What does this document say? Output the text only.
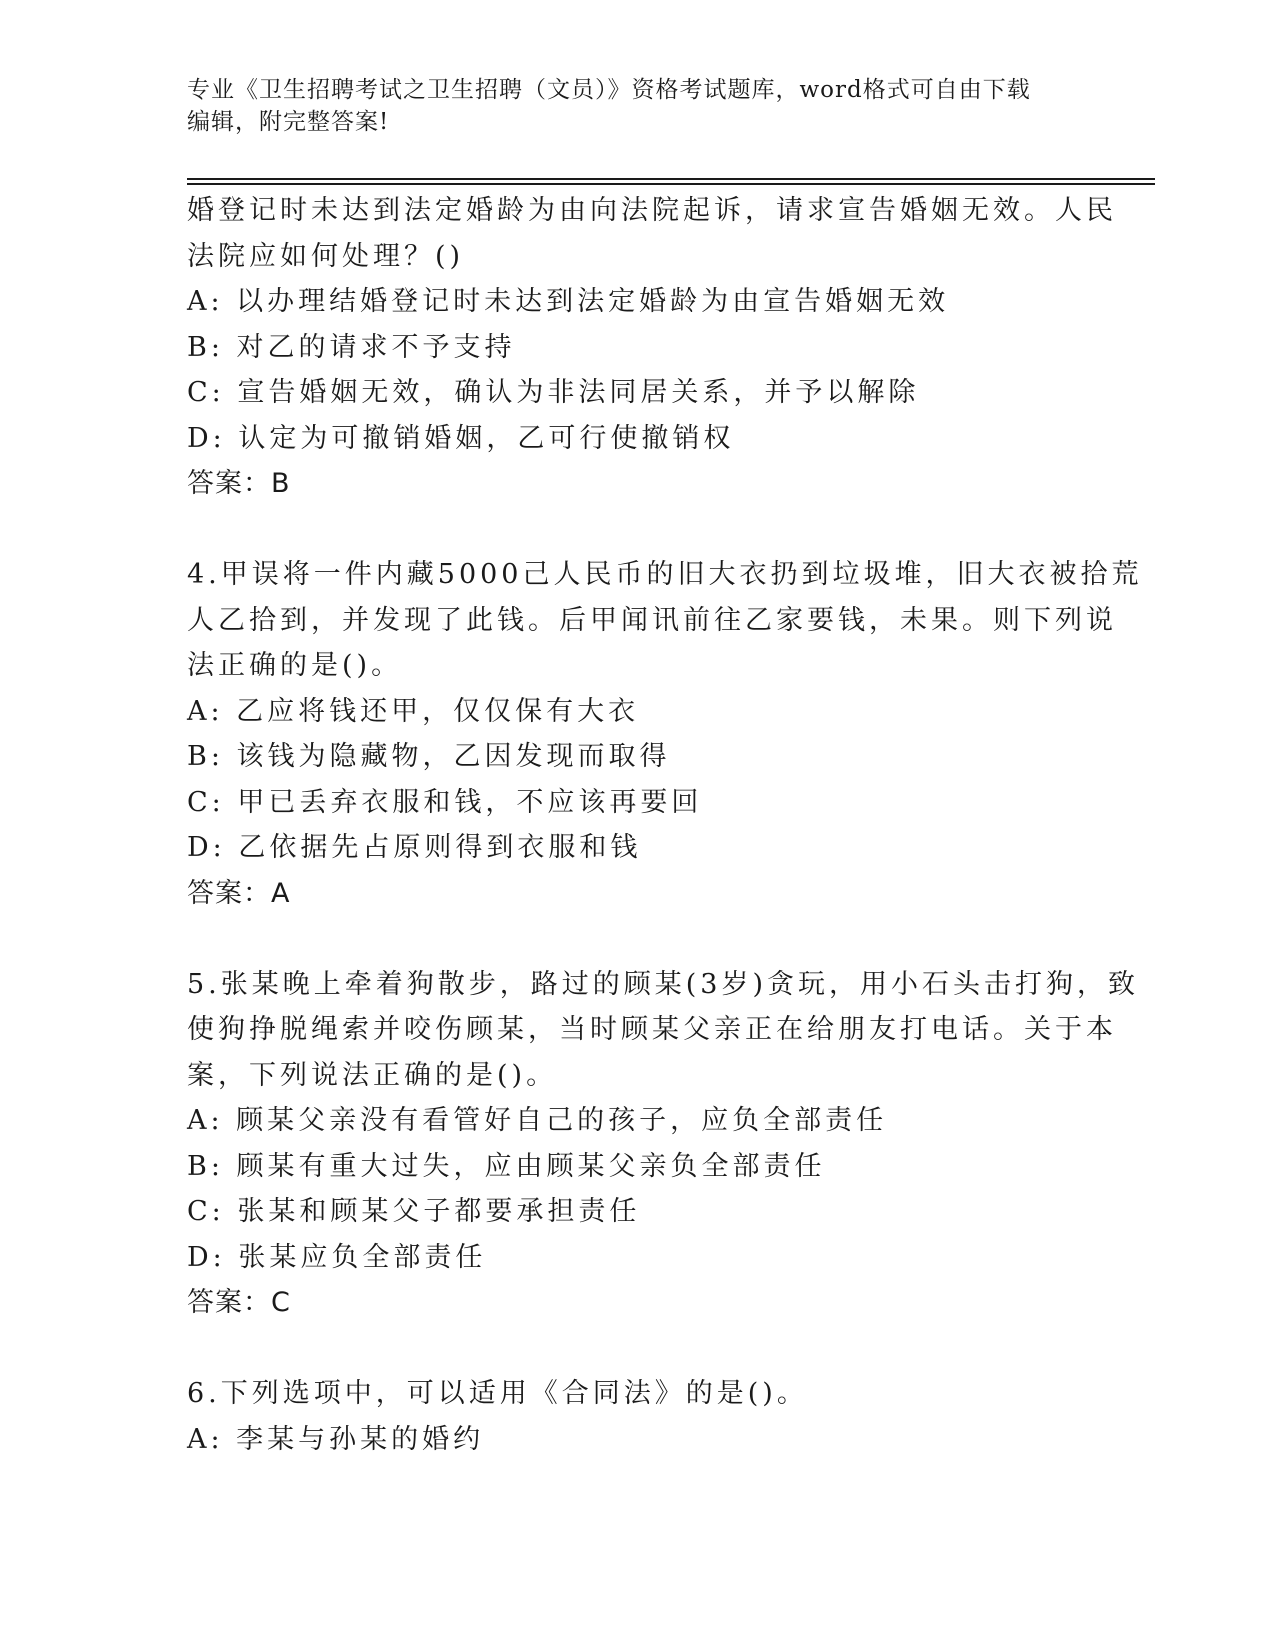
专业《卫生招聘考试之卫生招聘（文员）》资格考试题库，word格式可自由下载
编辑，附完整答案!
婚登记时未达到法定婚龄为由向法院起诉，请求宣告婚姻无效。人民
法院应如何处理？()
A: 以办理结婚登记时未达到法定婚龄为由宣告婚姻无效
B: 对乙的请求不予支持
C: 宣告婚姻无效，确认为非法同居关系，并予以解除
D: 认定为可撤销婚姻，乙可行使撤销权
答案：B
4.甲误将一件内藏5000己人民币的旧大衣扔到垃圾堆，旧大衣被拾荒
人乙拾到，并发现了此钱。后甲闻讯前往乙家要钱，未果。则下列说
法正确的是()。
A: 乙应将钱还甲，仅仅保有大衣
B: 该钱为隐藏物，乙因发现而取得
C: 甲已丢弃衣服和钱，不应该再要回
D: 乙依据先占原则得到衣服和钱
答案：A
5.张某晚上牵着狗散步，路过的顾某(3岁)贪玩，用小石头击打狗，致
使狗挣脱绳索并咬伤顾某，当时顾某父亲正在给朋友打电话。关于本
案，下列说法正确的是()。
A: 顾某父亲没有看管好自己的孩子，应负全部责任
B: 顾某有重大过失，应由顾某父亲负全部责任
C: 张某和顾某父子都要承担责任
D: 张某应负全部责任
答案：C
6.下列选项中，可以适用《合同法》的是()。
A: 李某与孙某的婚约
